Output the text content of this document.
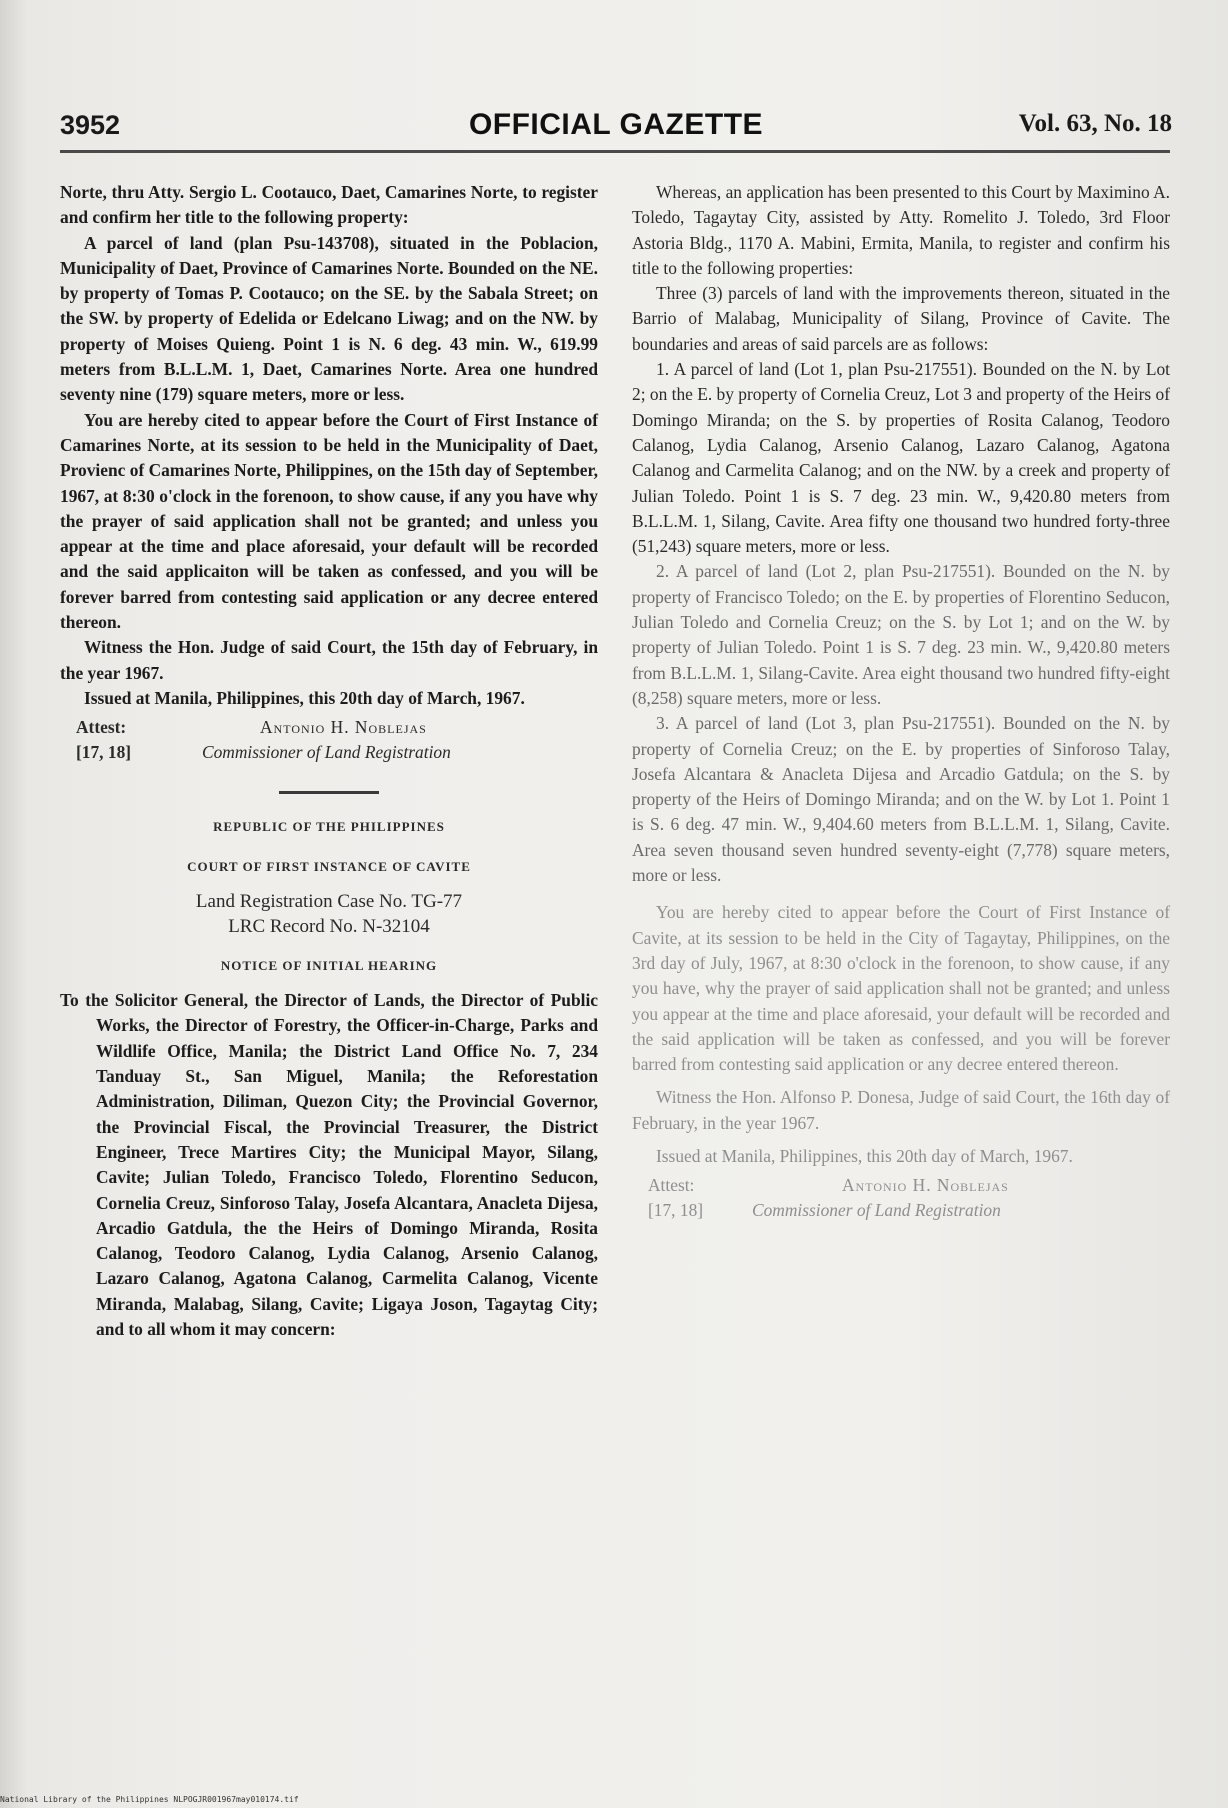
3952	OFFICIAL GAZETTE	Vol. 63, No. 18

Norte, thru Atty. Sergio L. Cootauco, Daet, Camarines Norte, to register and confirm her title to the following property:

A parcel of land (plan Psu-143708), situated in the Poblacion, Municipality of Daet, Province of Camarines Norte. Bounded on the NE. by property of Tomas P. Cootauco; on the SE. by the Sabala Street; on the SW. by property of Edelida or Edelcano Liwag; and on the NW. by property of Moises Quieng. Point 1 is N. 6 deg. 43 min. W., 619.99 meters from B.L.L.M. 1, Daet, Camarines Norte. Area one hundred seventy nine (179) square meters, more or less.

You are hereby cited to appear before the Court of First Instance of Camarines Norte, at its session to be held in the Municipality of Daet, Provienc of Camarines Norte, Philippines, on the 15th day of September, 1967, at 8:30 o'clock in the forenoon, to show cause, if any you have why the prayer of said application shall not be granted; and unless you appear at the time and place aforesaid, your default will be recorded and the said applicaiton will be taken as confessed, and you will be forever barred from contesting said application or any decree entered thereon.

Witness the Hon. Judge of said Court, the 15th day of February, in the year 1967.

Issued at Manila, Philippines, this 20th day of March, 1967.

Attest:
[17, 18]
Antonio H. Noblejas
Commissioner of Land Registration

REPUBLIC OF THE PHILIPPINES

COURT OF FIRST INSTANCE OF CAVITE

Land Registration Case No. TG-77

LRC Record No. N-32104

NOTICE OF INITIAL HEARING

To the Solicitor General, the Director of Lands, the Director of Public Works, the Director of Forestry, the Officer-in-Charge, Parks and Wildlife Office, Manila; the District Land Office No. 7, 234 Tanduay St., San Miguel, Manila; the Reforestation Administration, Diliman, Quezon City; the Provincial Governor, the Provincial Fiscal, the Provincial Treasurer, the District Engineer, Trece Martires City; the Municipal Mayor, Silang, Cavite; Julian Toledo, Francisco Toledo, Florentino Seducon, Cornelia Creuz, Sinforoso Talay, Josefa Alcantara, Anacleta Dijesa, Arcadio Gatdula, the the Heirs of Domingo Miranda, Rosita Calanog, Teodoro Calanog, Lydia Calanog, Arsenio Calanog, Lazaro Calanog, Agatona Calanog, Carmelita Calanog, Vicente Miranda, Malabag, Silang, Cavite; Ligaya Joson, Tagaytag City; and to all whom it may concern:

Whereas, an application has been presented to this Court by Maximino A. Toledo, Tagaytay City, assisted by Atty. Romelito J. Toledo, 3rd Floor Astoria Bldg., 1170 A. Mabini, Ermita, Manila, to register and confirm his title to the following properties:

Three (3) parcels of land with the improvements thereon, situated in the Barrio of Malabag, Municipality of Silang, Province of Cavite. The boundaries and areas of said parcels are as follows:

1. A parcel of land (Lot 1, plan Psu-217551). Bounded on the N. by Lot 2; on the E. by property of Cornelia Creuz, Lot 3 and property of the Heirs of Domingo Miranda; on the S. by properties of Rosita Calanog, Teodoro Calanog, Lydia Calanog, Arsenio Calanog, Lazaro Calanog, Agatona Calanog and Carmelita Calanog; and on the NW. by a creek and property of Julian Toledo. Point 1 is S. 7 deg. 23 min. W., 9,420.80 meters from B.L.L.M. 1, Silang, Cavite. Area fifty one thousand two hundred forty-three (51,243) square meters, more or less.

2. A parcel of land (Lot 2, plan Psu-217551). Bounded on the N. by property of Francisco Toledo; on the E. by properties of Florentino Seducon, Julian Toledo and Cornelia Creuz; on the S. by Lot 1; and on the W. by property of Julian Toledo. Point 1 is S. 7 deg. 23 min. W., 9,420.80 meters from B.L.L.M. 1, Silang-Cavite. Area eight thousand two hundred fifty-eight (8,258) square meters, more or less.

3. A parcel of land (Lot 3, plan Psu-217551). Bounded on the N. by property of Cornelia Creuz; on the E. by properties of Sinforoso Talay, Josefa Alcantara & Anacleta Dijesa and Arcadio Gatdula; on the S. by property of the Heirs of Domingo Miranda; and on the W. by Lot 1. Point 1 is S. 6 deg. 47 min. W., 9,404.60 meters from B.L.L.M. 1, Silang, Cavite. Area seven thousand seven hundred seventy-eight (7,778) square meters, more or less.

You are hereby cited to appear before the Court of First Instance of Cavite, at its session to be held in the City of Tagaytay, Philippines, on the 3rd day of July, 1967, at 8:30 o'clock in the forenoon, to show cause, if any you have, why the prayer of said application shall not be granted; and unless you appear at the time and place aforesaid, your default will be recorded and the said application will be taken as confessed, and you will be forever barred from contesting said application or any decree entered thereon.

Witness the Hon. Alfonso P. Donesa, Judge of said Court, the 16th day of February, in the year 1967.

Issued at Manila, Philippines, this 20th day of March, 1967.

Attest:
[17, 18]
Antonio H. Noblejas
Commissioner of Land Registration
National Library of the Philippines NLPOGJR001967may010174.tif
